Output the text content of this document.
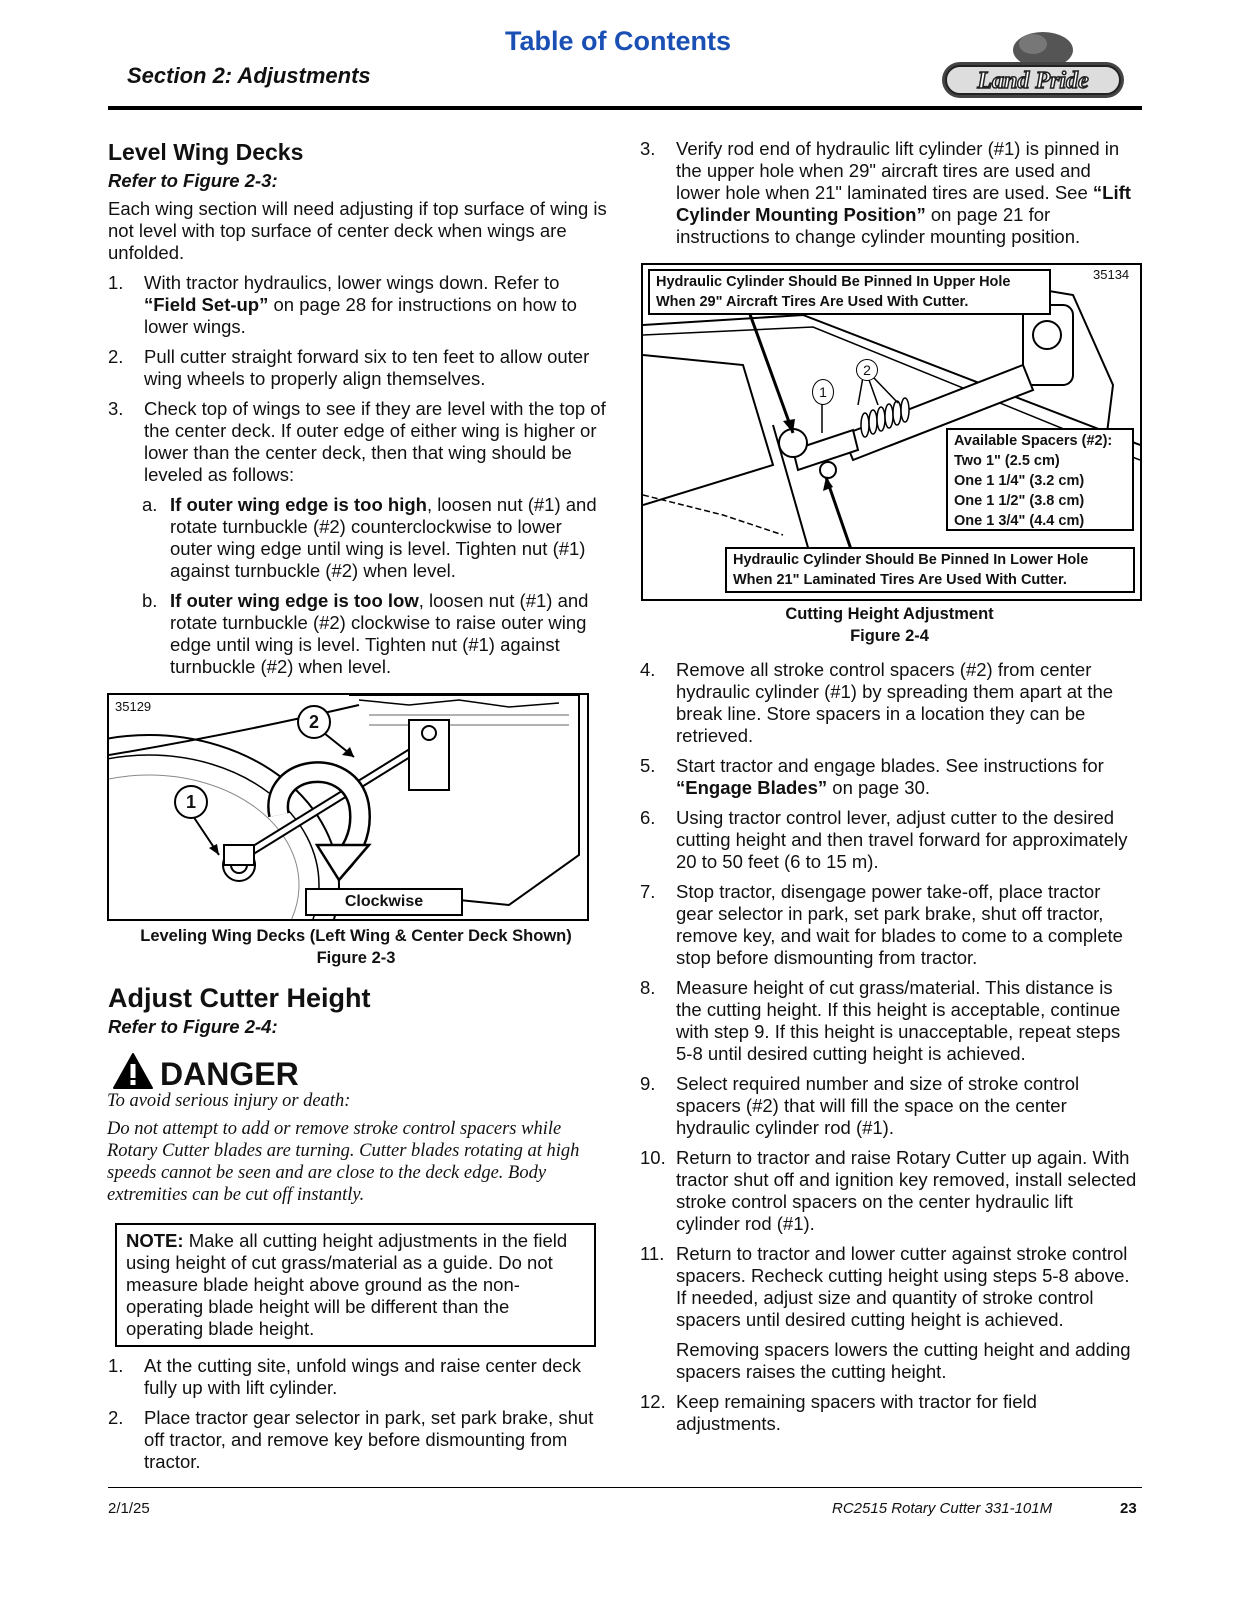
Table of Contents
Section 2: Adjustments	Land Pride

Level Wing Decks

Refer to Figure 2-3:

Each wing section will need adjusting if top surface of wing is not level with top surface of center deck when wings are unfolded.

1. With tractor hydraulics, lower wings down. Refer to “Field Set-up” on page 28 for instructions on how to lower wings.
2. Pull cutter straight forward six to ten feet to allow outer wing wheels to properly align themselves.
3. Check top of wings to see if they are level with the top of the center deck. If outer edge of either wing is higher or lower than the center deck, then that wing should be leveled as follows:
a. If outer wing edge is too high, loosen nut (#1) and rotate turnbuckle (#2) counterclockwise to lower outer wing edge until wing is level. Tighten nut (#1) against turnbuckle (#2) when level.
b. If outer wing edge is too low, loosen nut (#1) and rotate turnbuckle (#2) clockwise to raise outer wing edge until wing is level. Tighten nut (#1) against turnbuckle (#2) when level.
35129
2
1
Clockwise
Leveling Wing Decks (Left Wing & Center Deck Shown)
Figure 2-3

Adjust Cutter Height

Refer to Figure 2-4:

DANGER
To avoid serious injury or death:
Do not attempt to add or remove stroke control spacers while Rotary Cutter blades are turning. Cutter blades rotating at high speeds cannot be seen and are close to the deck edge. Body extremities can be cut off instantly.
NOTE: Make all cutting height adjustments in the field using height of cut grass/material as a guide. Do not measure blade height above ground as the non-operating blade height will be different than the operating blade height.
1. At the cutting site, unfold wings and raise center deck fully up with lift cylinder.
2. Place tractor gear selector in park, set park brake, shut off tractor, and remove key before dismounting from tractor.
3. Verify rod end of hydraulic lift cylinder (#1) is pinned in the upper hole when 29" aircraft tires are used and lower hole when 21" laminated tires are used. See “Lift Cylinder Mounting Position” on page 21 for instructions to change cylinder mounting position.
Hydraulic Cylinder Should Be Pinned In Upper Hole When 29" Aircraft Tires Are Used With Cutter.
35134
1
2
Available Spacers (#2):
Two 1" (2.5 cm)
One 1 1/4" (3.2 cm)
One 1 1/2" (3.8 cm)
One 1 3/4" (4.4 cm)
Hydraulic Cylinder Should Be Pinned In Lower Hole When 21" Laminated Tires Are Used With Cutter.
Cutting Height Adjustment
Figure 2-4
4. Remove all stroke control spacers (#2) from center hydraulic cylinder (#1) by spreading them apart at the break line. Store spacers in a location they can be retrieved.
5. Start tractor and engage blades. See instructions for “Engage Blades” on page 30.
6. Using tractor control lever, adjust cutter to the desired cutting height and then travel forward for approximately 20 to 50 feet (6 to 15 m).
7. Stop tractor, disengage power take-off, place tractor gear selector in park, set park brake, shut off tractor, remove key, and wait for blades to come to a complete stop before dismounting from tractor.
8. Measure height of cut grass/material. This distance is the cutting height. If this height is acceptable, continue with step 9. If this height is unacceptable, repeat steps 5-8 until desired cutting height is achieved.
9. Select required number and size of stroke control spacers (#2) that will fill the space on the center hydraulic cylinder rod (#1).
10. Return to tractor and raise Rotary Cutter up again. With tractor shut off and ignition key removed, install selected stroke control spacers on the center hydraulic lift cylinder rod (#1).
11. Return to tractor and lower cutter against stroke control spacers. Recheck cutting height using steps 5-8 above. If needed, adjust size and quantity of stroke control spacers until desired cutting height is achieved.
Removing spacers lowers the cutting height and adding spacers raises the cutting height.
12. Keep remaining spacers with tractor for field adjustments.
2/1/25	RC2515 Rotary Cutter 331-101M	23
